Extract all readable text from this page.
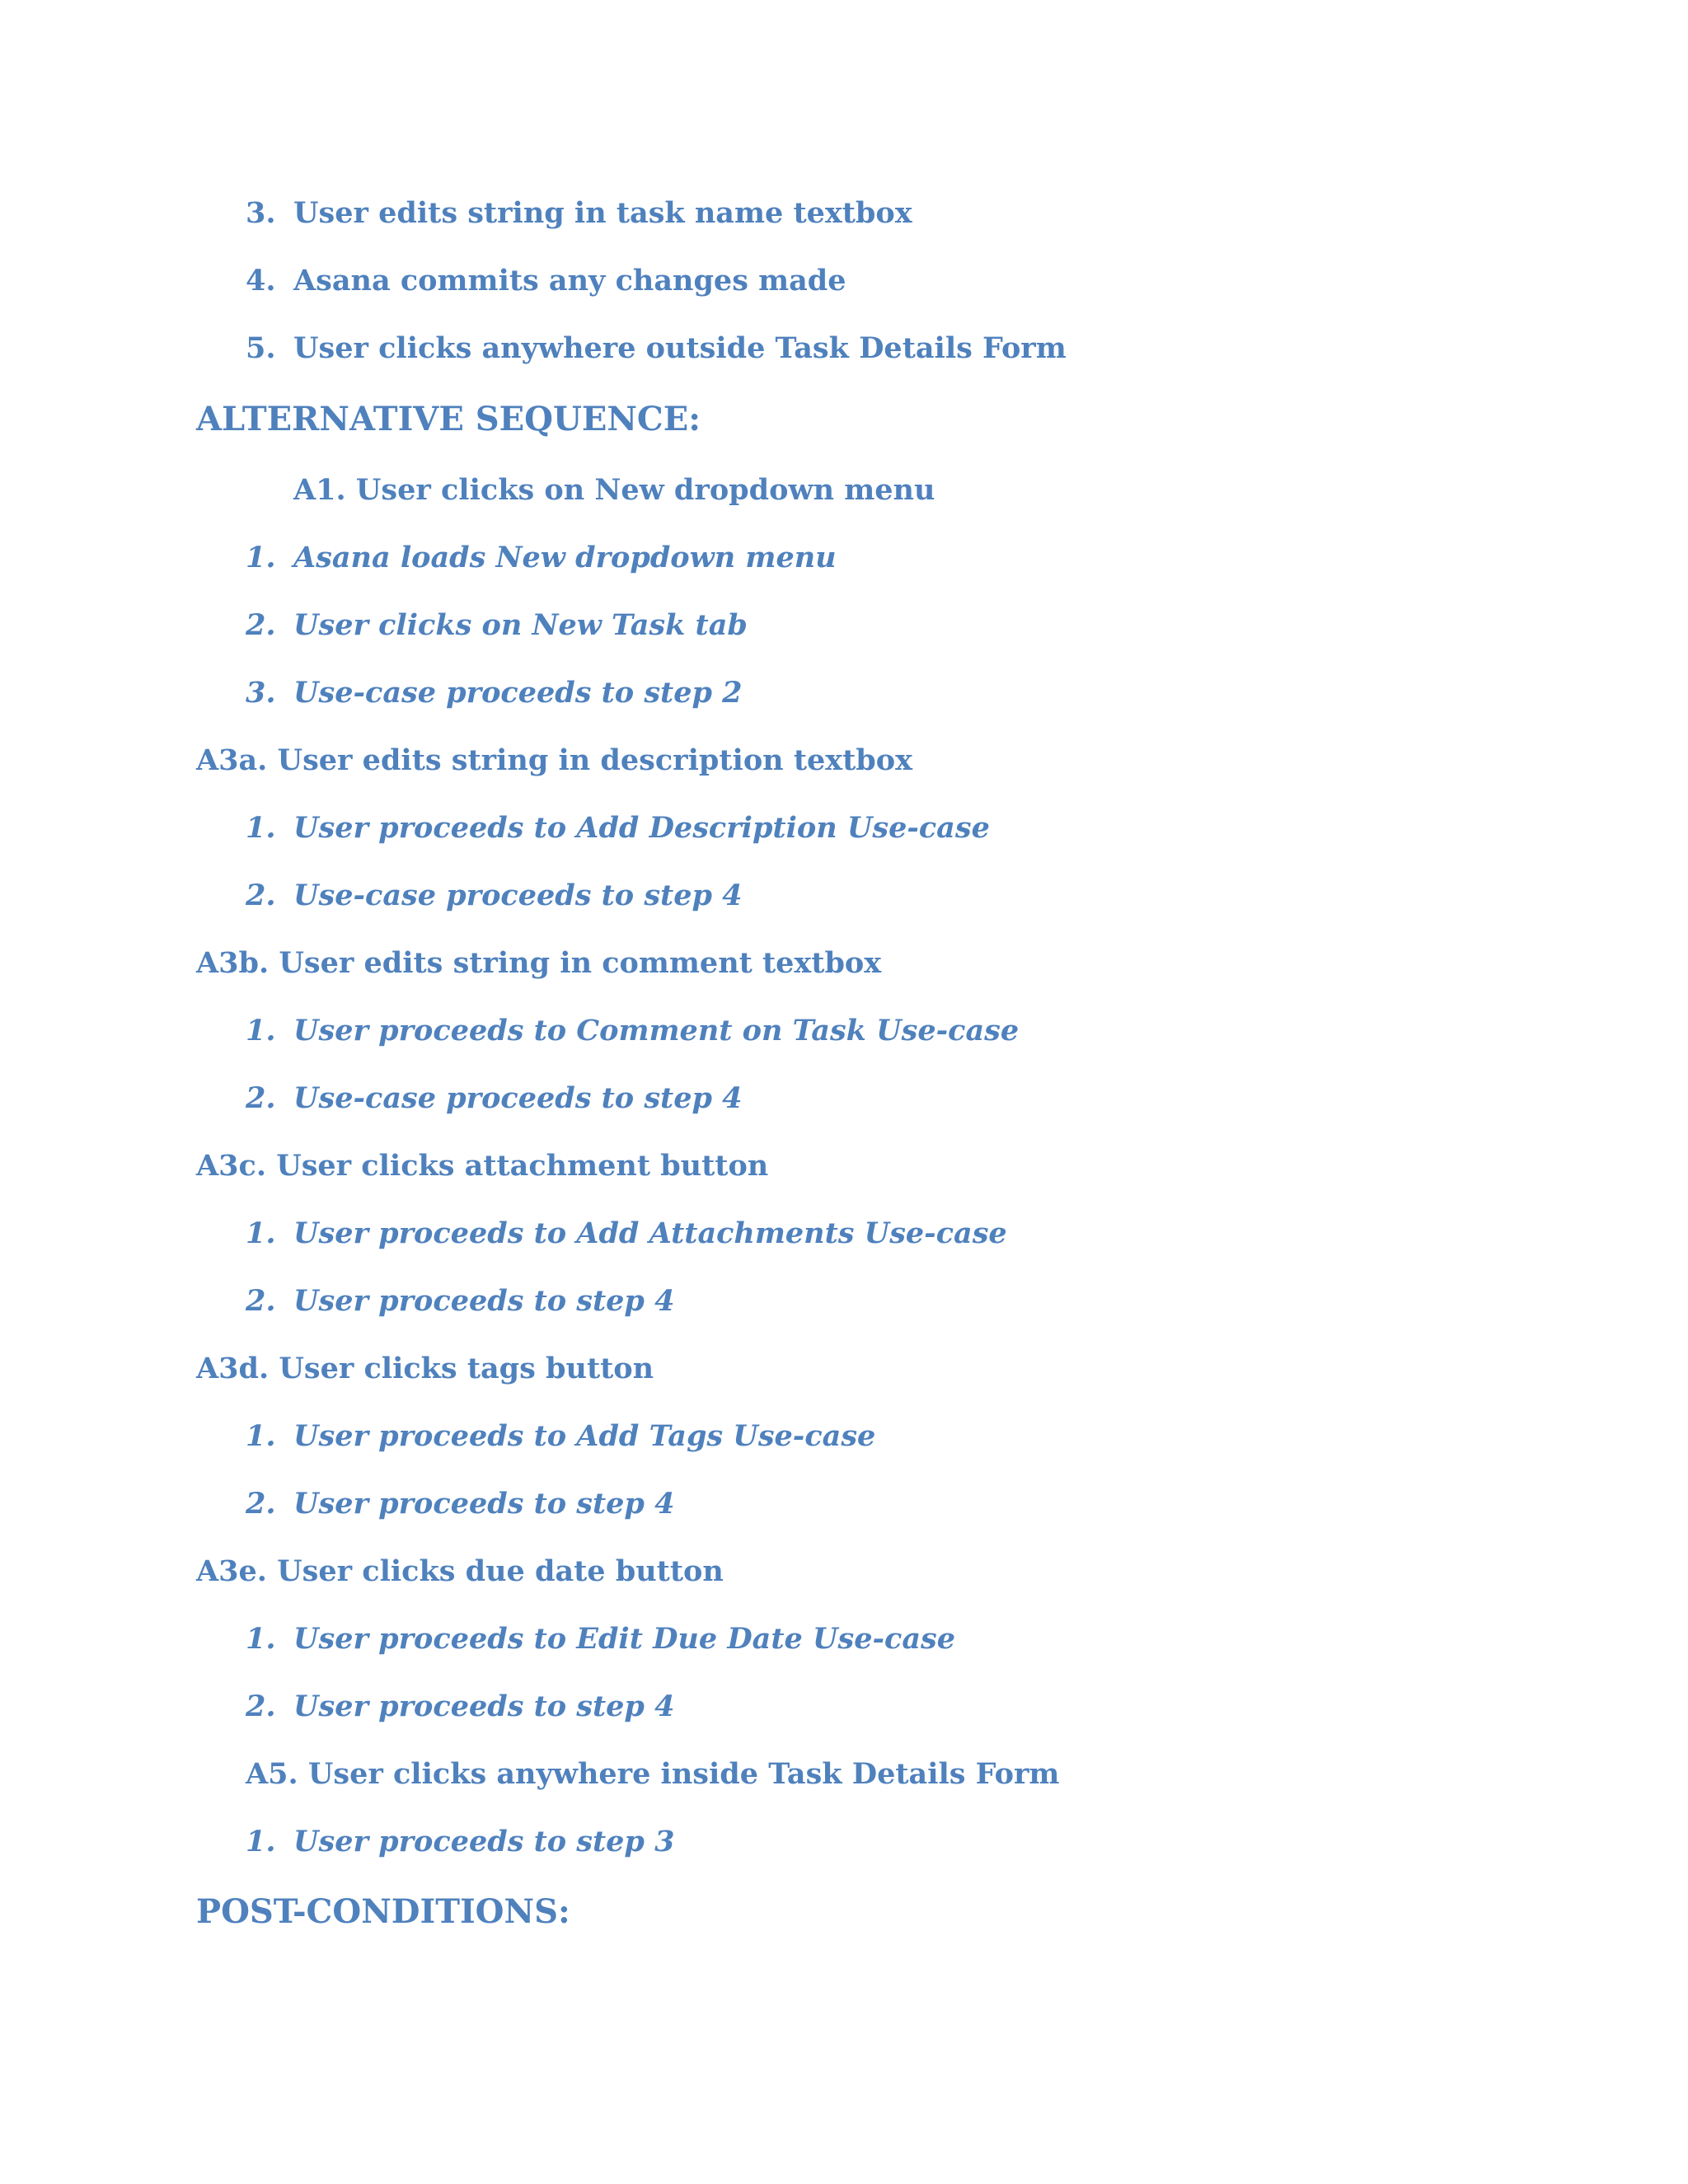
3. User edits string in task name textbox
4. Asana commits any changes made
5. User clicks anywhere outside Task Details Form
ALTERNATIVE SEQUENCE:
A1. User clicks on New dropdown menu
1. Asana loads New dropdown menu
2. User clicks on New Task tab
3. Use-case proceeds to step 2
A3a. User edits string in description textbox
1. User proceeds to Add Description Use-case
2. Use-case proceeds to step 4
A3b. User edits string in comment textbox
1. User proceeds to Comment on Task Use-case
2. Use-case proceeds to step 4
A3c. User clicks attachment button
1. User proceeds to Add Attachments Use-case
2. User proceeds to step 4
A3d. User clicks tags button
1. User proceeds to Add Tags Use-case
2. User proceeds to step 4
A3e. User clicks due date button
1. User proceeds to Edit Due Date Use-case
2. User proceeds to step 4
A5. User clicks anywhere inside Task Details Form
1. User proceeds to step 3
POST-CONDITIONS:
